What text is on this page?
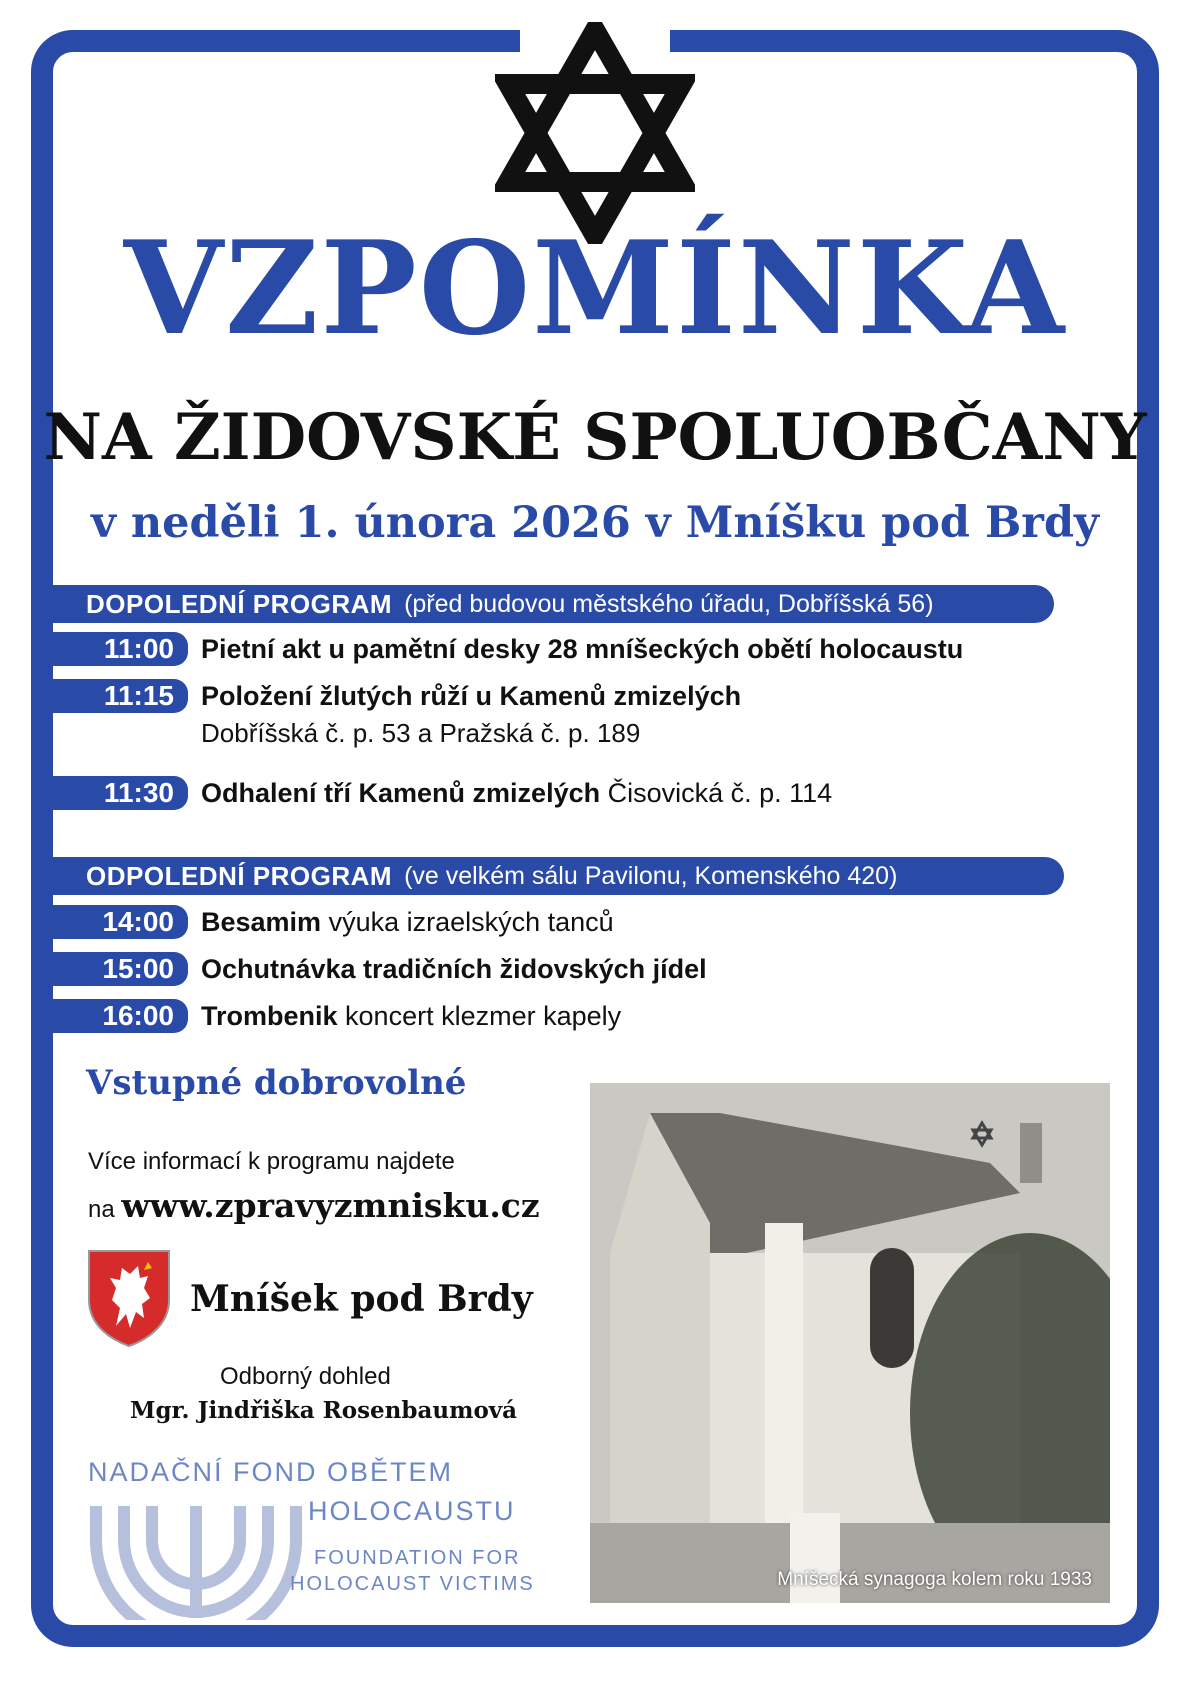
VZPOMÍNKA
NA ŽIDOVSKÉ SPOLUOBČANY
v neděli 1. února 2026 v Mníšku pod Brdy
DOPOLEDNÍ PROGRAM (před budovou městského úřadu, Dobříšská 56)
11:00	Pietní akt u pamětní desky 28 mníšeckých obětí holocaustu
11:15	Položení žlutých růží u Kamenů zmizelých
Dobříšská č. p. 53 a Pražská č. p. 189
11:30	Odhalení tří Kamenů zmizelých Čisovická č. p. 114
ODPOLEDNÍ PROGRAM (ve velkém sálu Pavilonu, Komenského 420)
14:00	Besamim výuka izraelských tanců
15:00	Ochutnávka tradičních židovských jídel
16:00	Trombenik koncert klezmer kapely
Vstupné dobrovolné
Více informací k programu najdete
na www.zpravyzmnisku.cz
Mníšek pod Brdy
Odborný dohled
Mgr. Jindřiška Rosenbaumová
NADAČNÍ FOND OBĚTEM
HOLOCAUSTU
FOUNDATION FOR
HOLOCAUST VICTIMS	Mníšecká synagoga kolem roku 1933
